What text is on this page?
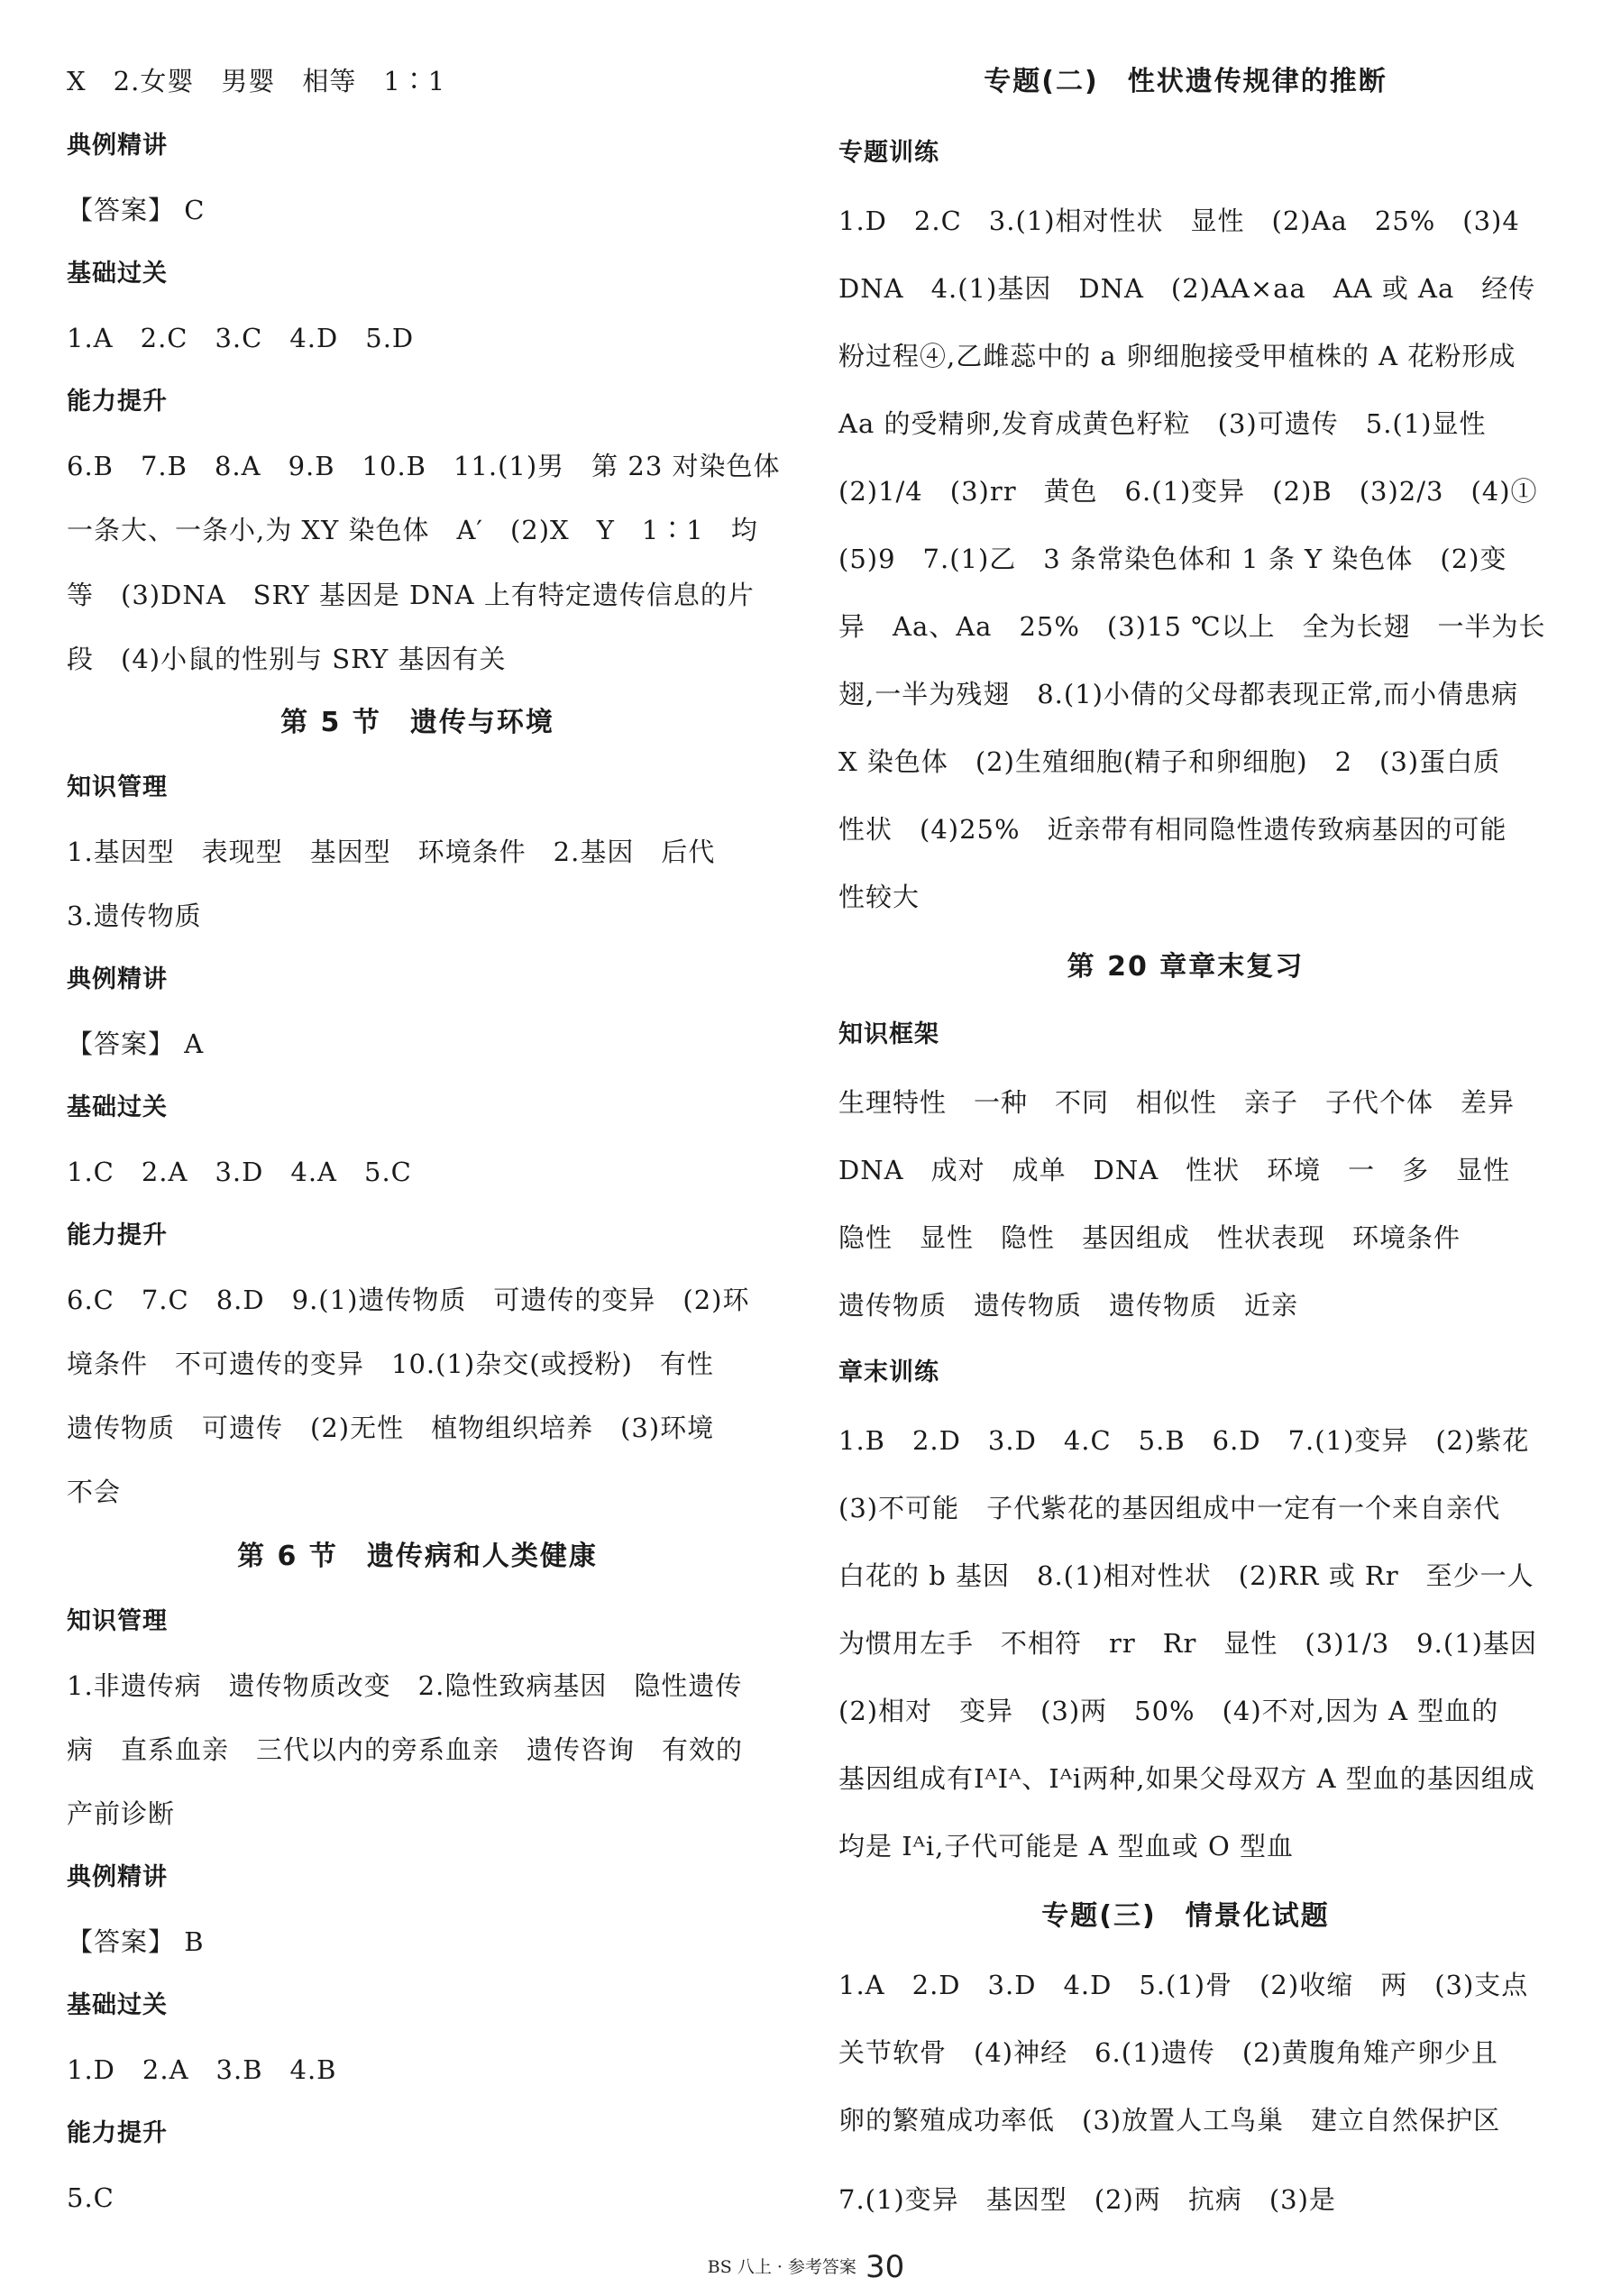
X　2.女婴　男婴　相等　1∶1
典例精讲
【答案】 C
基础过关
1.A　2.C　3.C　4.D　5.D
能力提升
6.B　7.B　8.A　9.B　10.B　11.(1)男　第 23 对染色体
一条大、一条小,为 XY 染色体　A′　(2)X　Y　1∶1　均
等　(3)DNA　SRY 基因是 DNA 上有特定遗传信息的片
段　(4)小鼠的性别与 SRY 基因有关
第 5 节　遗传与环境
知识管理
1.基因型　表现型　基因型　环境条件　2.基因　后代
3.遗传物质
典例精讲
【答案】 A
基础过关
1.C　2.A　3.D　4.A　5.C
能力提升
6.C　7.C　8.D　9.(1)遗传物质　可遗传的变异　(2)环
境条件　不可遗传的变异　10.(1)杂交(或授粉)　有性
遗传物质　可遗传　(2)无性　植物组织培养　(3)环境
不会
第 6 节　遗传病和人类健康
知识管理
1.非遗传病　遗传物质改变　2.隐性致病基因　隐性遗传
病　直系血亲　三代以内的旁系血亲　遗传咨询　有效的
产前诊断
典例精讲
【答案】 B
基础过关
1.D　2.A　3.B　4.B
能力提升
5.C
专题(二)　性状遗传规律的推断
专题训练
1.D　2.C　3.(1)相对性状　显性　(2)Aa　25%　(3)4
DNA　4.(1)基因　DNA　(2)AA×aa　AA 或 Aa　经传
粉过程④,乙雌蕊中的 a 卵细胞接受甲植株的 A 花粉形成
Aa 的受精卵,发育成黄色籽粒　(3)可遗传　5.(1)显性
(2)1/4　(3)rr　黄色　6.(1)变异　(2)B　(3)2/3　(4)①
(5)9　7.(1)乙　3 条常染色体和 1 条 Y 染色体　(2)变
异　Aa、Aa　25%　(3)15 ℃以上　全为长翅　一半为长
翅,一半为残翅　8.(1)小倩的父母都表现正常,而小倩患病
X 染色体　(2)生殖细胞(精子和卵细胞)　2　(3)蛋白质
性状　(4)25%　近亲带有相同隐性遗传致病基因的可能
性较大
第 20 章章末复习
知识框架
生理特性　一种　不同　相似性　亲子　子代个体　差异
DNA　成对　成单　DNA　性状　环境　一　多　显性
隐性　显性　隐性　基因组成　性状表现　环境条件
遗传物质　遗传物质　遗传物质　近亲
章末训练
1.B　2.D　3.D　4.C　5.B　6.D　7.(1)变异　(2)紫花
(3)不可能　子代紫花的基因组成中一定有一个来自亲代
白花的 b 基因　8.(1)相对性状　(2)RR 或 Rr　至少一人
为惯用左手　不相符　rr　Rr　显性　(3)1/3　9.(1)基因
(2)相对　变异　(3)两　50%　(4)不对,因为 A 型血的
基因组成有IᴬIᴬ、Iᴬi两种,如果父母双方 A 型血的基因组成
均是 Iᴬi,子代可能是 A 型血或 O 型血
专题(三)　情景化试题
1.A　2.D　3.D　4.D　5.(1)骨　(2)收缩　两　(3)支点
关节软骨　(4)神经　6.(1)遗传　(2)黄腹角雉产卵少且
卵的繁殖成功率低　(3)放置人工鸟巢　建立自然保护区
7.(1)变异　基因型　(2)两　抗病　(3)是
BS 八上 · 参考答案 30
